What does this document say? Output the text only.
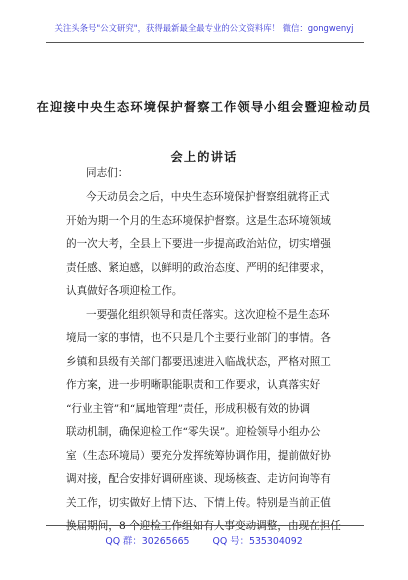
关注头条号"公文研究"，获得最新最全最专业的公文资料库！ 微信：gongwenyj
在迎接中央生态环境保护督察工作领导小组会暨迎检动员
会上的讲话

同志们：

今天动员会之后，中央生态环境保护督察组就将正式

开始为期一个月的生态环境保护督察。这是生态环境领域

的一次大考，全县上下要进一步提高政治站位，切实增强

责任感、紧迫感，以鲜明的政治态度、严明的纪律要求，

认真做好各项迎检工作。

一要强化组织领导和责任落实。这次迎检不是生态环

境局一家的事情，也不只是几个主要行业部门的事情。各

乡镇和县级有关部门都要迅速进入临战状态，严格对照工

作方案，进一步明晰职能职责和工作要求，认真落实好

“行业主管”和“属地管理”责任，形成积极有效的协调

联动机制，确保迎检工作“零失误”。迎检领导小组办公

室（生态环境局）要充分发挥统筹协调作用，提前做好协

调对接，配合安排好调研座谈、现场核查、走访问询等有

关工作，切实做好上情下达、下情上传。特别是当前正值

换届期间，8 个迎检工作组如有人事变动调整，由现在担任

QQ 群：30265665 QQ 号：535304092
